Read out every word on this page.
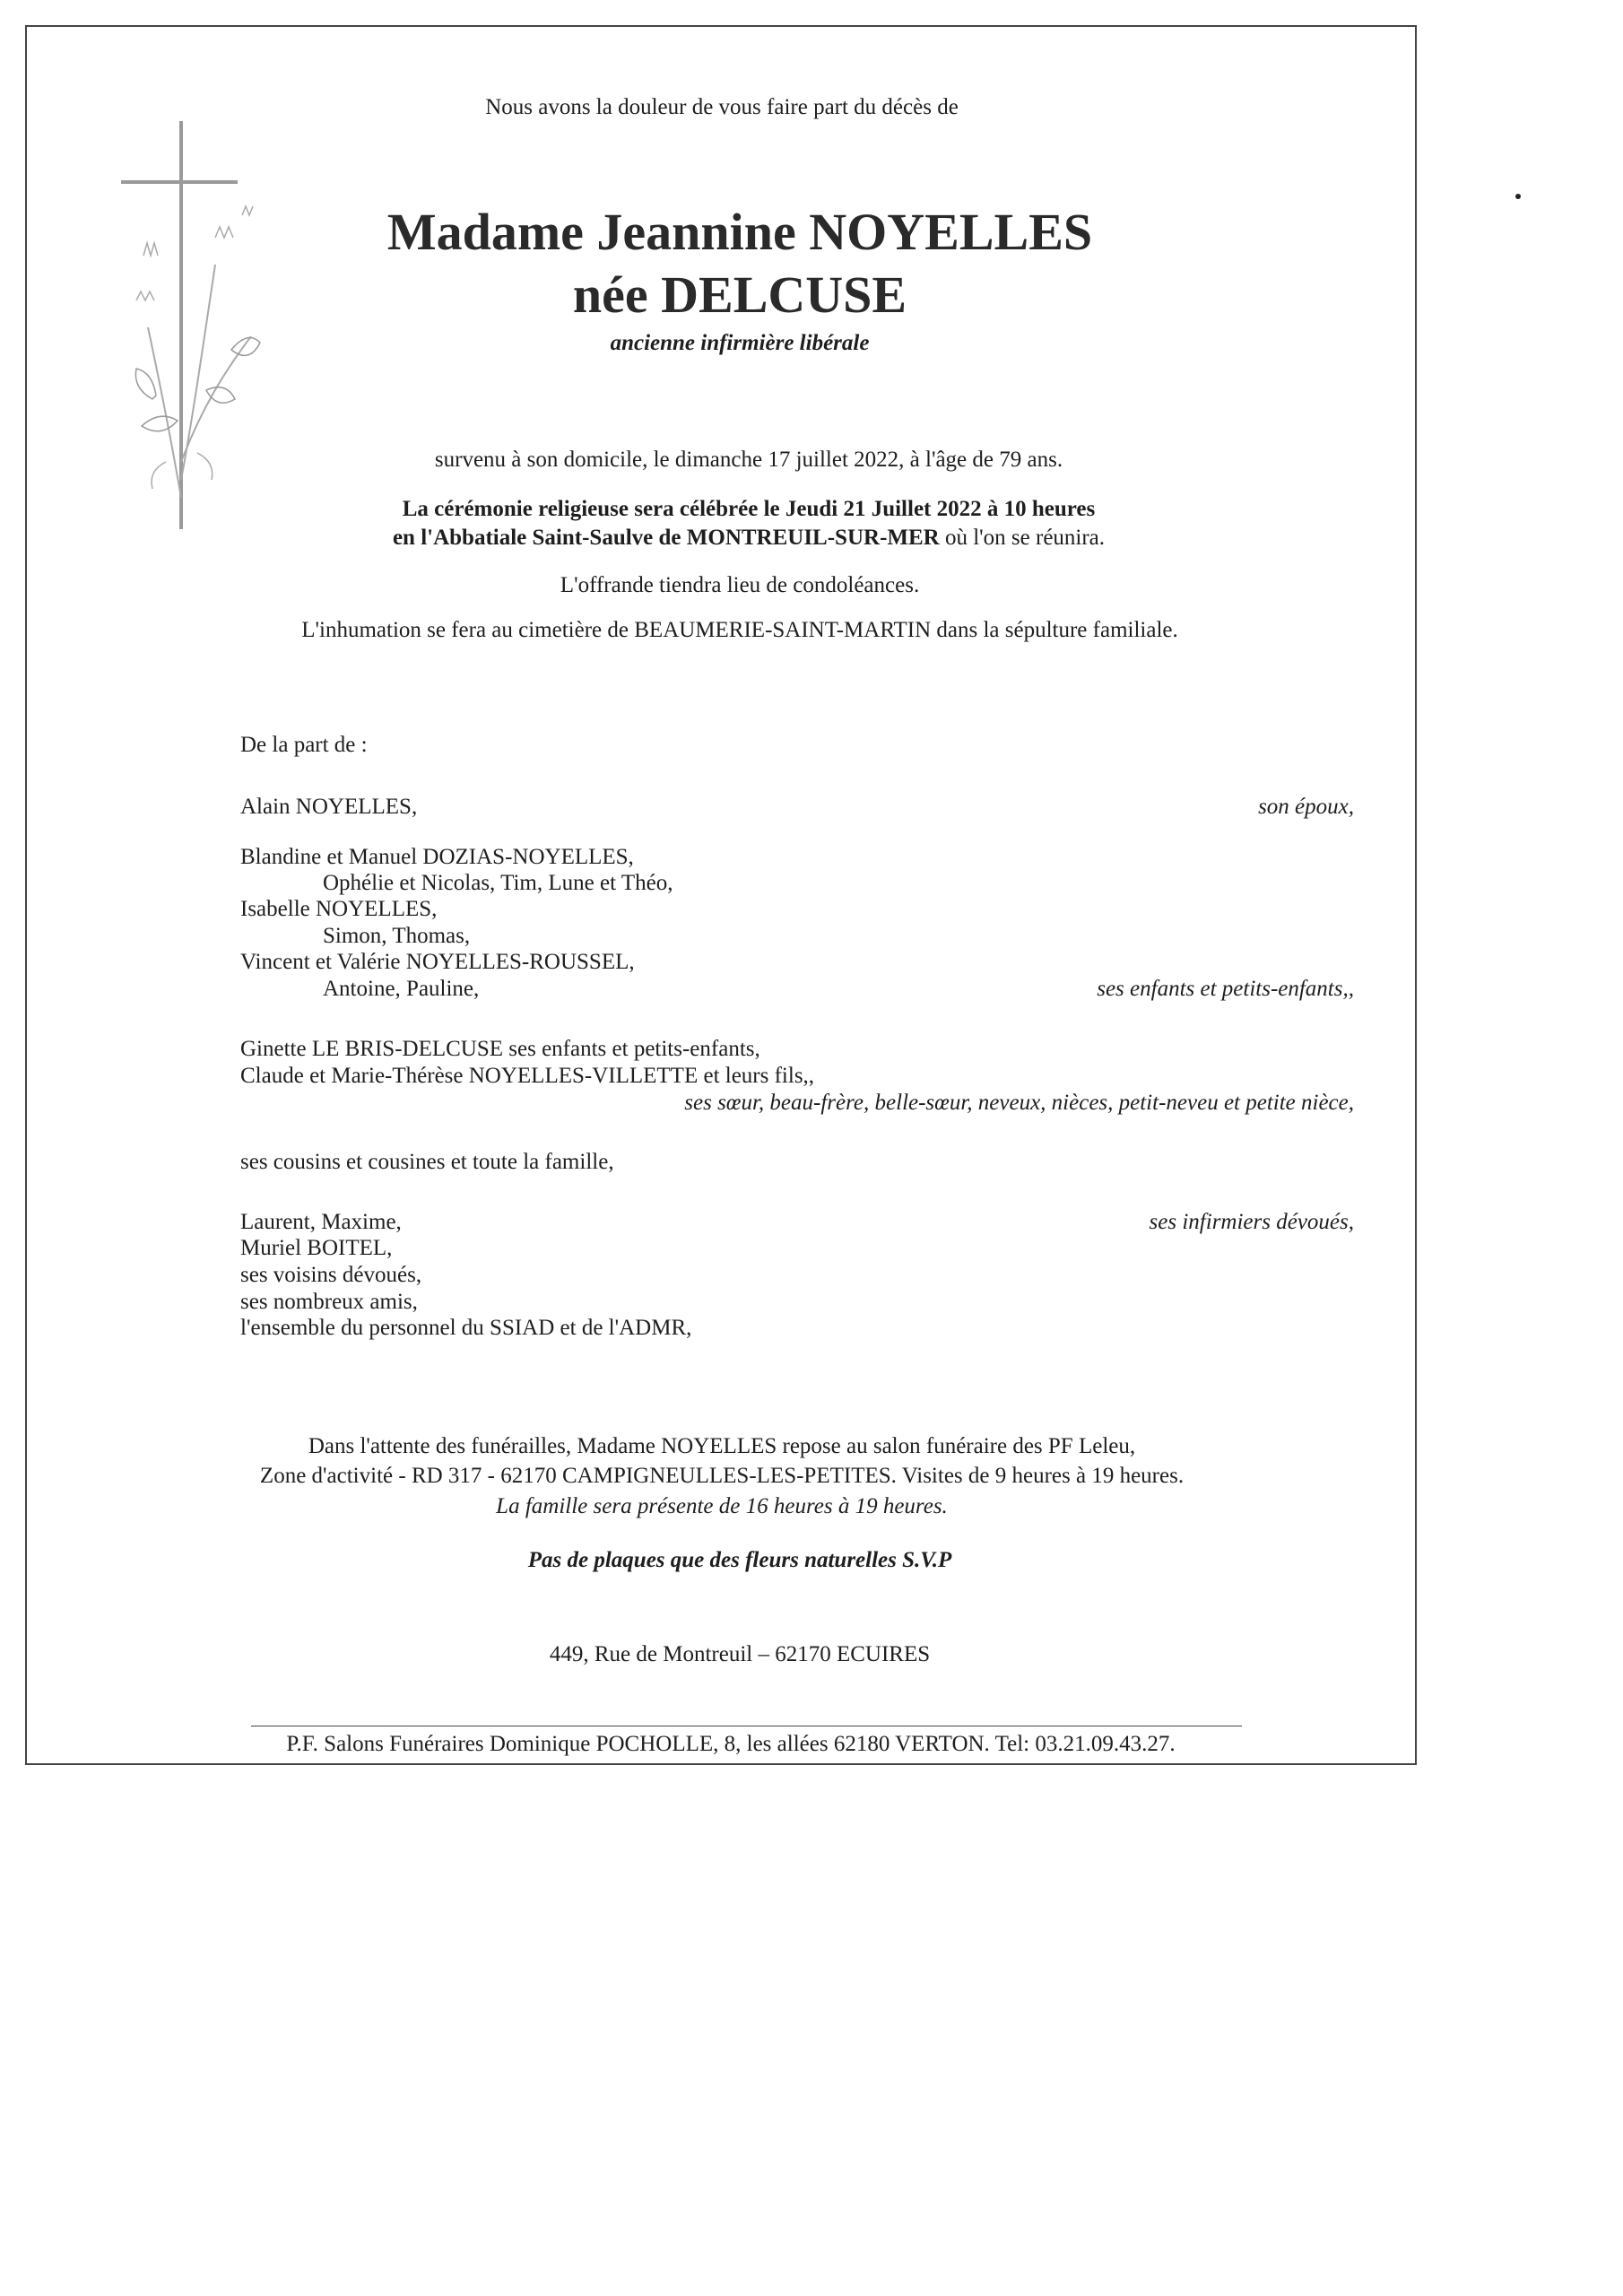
Nous avons la douleur de vous faire part du décès de
Madame Jeannine NOYELLES
née DELCUSE
ancienne infirmière libérale
survenu à son domicile, le dimanche 17 juillet 2022, à l'âge de 79 ans.
La cérémonie religieuse sera célébrée le Jeudi 21 Juillet 2022 à 10 heures
en l'Abbatiale Saint-Saulve de MONTREUIL-SUR-MER où l'on se réunira.
L'offrande tiendra lieu de condoléances.
L'inhumation se fera au cimetière de BEAUMERIE-SAINT-MARTIN dans la sépulture familiale.
De la part de :
Alain NOYELLES,	son époux,
Blandine et Manuel DOZIAS-NOYELLES,
Ophélie et Nicolas, Tim, Lune et Théo,
Isabelle NOYELLES,
Simon, Thomas,
Vincent et Valérie NOYELLES-ROUSSEL,
Antoine, Pauline,	ses enfants et petits-enfants,,
Ginette LE BRIS-DELCUSE ses enfants et petits-enfants,
Claude et Marie-Thérèse NOYELLES-VILLETTE et leurs fils,,
ses sœur, beau-frère, belle-sœur, neveux, nièces, petit-neveu et petite nièce,
ses cousins et cousines et toute la famille,
Laurent, Maxime,	ses infirmiers dévoués,
Muriel BOITEL,
ses voisins dévoués,
ses nombreux amis,
l'ensemble du personnel du SSIAD et de l'ADMR,
Dans l'attente des funérailles, Madame NOYELLES repose au salon funéraire des PF Leleu,
Zone d'activité - RD 317 - 62170 CAMPIGNEULLES-LES-PETITES. Visites de 9 heures à 19 heures.
La famille sera présente de 16 heures à 19 heures.
Pas de plaques que des fleurs naturelles S.V.P
449, Rue de Montreuil – 62170 ECUIRES
P.F. Salons Funéraires Dominique POCHOLLE, 8, les allées 62180 VERTON. Tel: 03.21.09.43.27.
